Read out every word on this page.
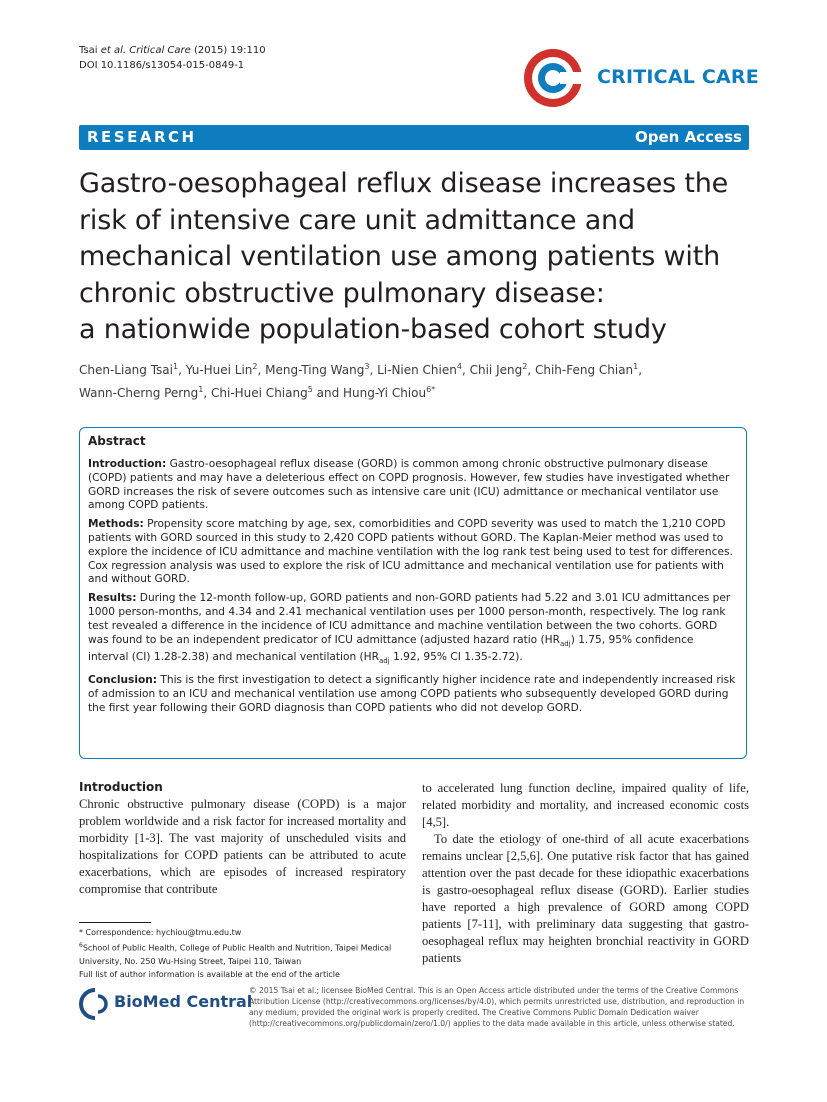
Tsai et al. Critical Care (2015) 19:110
DOI 10.1186/s13054-015-0849-1
CRITICAL CARE
RESEARCH	Open Access
Gastro-oesophageal reflux disease increases the
risk of intensive care unit admittance and
mechanical ventilation use among patients with
chronic obstructive pulmonary disease:
a nationwide population-based cohort study
Chen-Liang Tsai$^1$, Yu-Huei Lin$^2$, Meng-Ting Wang$^3$, Li-Nien Chien$^4$, Chii Jeng$^2$, Chih-Feng Chian$^1$,
Wann-Cherng Perng$^1$, Chi-Huei Chiang$^5$ and Hung-Yi Chiou$^{6*}$
Abstract

Introduction: Gastro-oesophageal reflux disease (GORD) is common among chronic obstructive pulmonary disease (COPD) patients and may have a deleterious effect on COPD prognosis. However, few studies have investigated whether GORD increases the risk of severe outcomes such as intensive care unit (ICU) admittance or mechanical ventilator use among COPD patients.

Methods: Propensity score matching by age, sex, comorbidities and COPD severity was used to match the 1,210 COPD patients with GORD sourced in this study to 2,420 COPD patients without GORD. The Kaplan-Meier method was used to explore the incidence of ICU admittance and machine ventilation with the log rank test being used to test for differences. Cox regression analysis was used to explore the risk of ICU admittance and mechanical ventilation use for patients with and without GORD.

Results: During the 12-month follow-up, GORD patients and non-GORD patients had 5.22 and 3.01 ICU admittances per 1000 person-months, and 4.34 and 2.41 mechanical ventilation uses per 1000 person-month, respectively. The log rank test revealed a difference in the incidence of ICU admittance and machine ventilation between the two cohorts. GORD was found to be an independent predicator of ICU admittance (adjusted hazard ratio $(HR_{adj})$ 1.75, 95% confidence interval (CI) 1.28-2.38) and mechanical ventilation ($HR_{adj}$ 1.92, 95% CI 1.35-2.72).

Conclusion: This is the first investigation to detect a significantly higher incidence rate and independently increased risk of admission to an ICU and mechanical ventilation use among COPD patients who subsequently developed GORD during the first year following their GORD diagnosis than COPD patients who did not develop GORD.

Introduction
Chronic obstructive pulmonary disease (COPD) is a major problem worldwide and a risk factor for increased mortality and morbidity [1-3]. The vast majority of unscheduled visits and hospitalizations for COPD patients can be attributed to acute exacerbations, which are episodes of increased respiratory compromise that contribute
to accelerated lung function decline, impaired quality of life, related morbidity and mortality, and increased economic costs [4,5].
To date the etiology of one-third of all acute exacerbations remains unclear [2,5,6]. One putative risk factor that has gained attention over the past decade for these idiopathic exacerbations is gastro-oesophageal reflux disease (GORD). Earlier studies have reported a high prevalence of GORD among COPD patients [7-11], with preliminary data suggesting that gastro-oesophageal reflux may heighten bronchial reactivity in GORD patients
* Correspondence: hychiou@tmu.edu.tw
$^6$School of Public Health, College of Public Health and Nutrition, Taipei Medical University, No. 250 Wu-Hsing Street, Taipei 110, Taiwan
Full list of author information is available at the end of the article
BioMed Central
© 2015 Tsai et al.; licensee BioMed Central. This is an Open Access article distributed under the terms of the Creative Commons Attribution License (http://creativecommons.org/licenses/by/4.0), which permits unrestricted use, distribution, and reproduction in any medium, provided the original work is properly credited. The Creative Commons Public Domain Dedication waiver (http://creativecommons.org/publicdomain/zero/1.0/) applies to the data made available in this article, unless otherwise stated.
